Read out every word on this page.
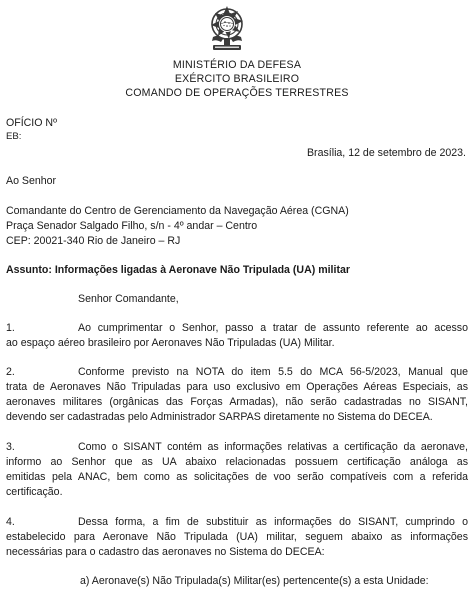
MINISTÉRIO DA DEFESA
EXÉRCITO BRASILEIRO
COMANDO DE OPERAÇÕES TERRESTRES
OFÍCIO Nº
EB:
Brasília, 12 de setembro de 2023.
Ao Senhor
Comandante do Centro de Gerenciamento da Navegação Aérea (CGNA)
Praça Senador Salgado Filho, s/n - 4º andar – Centro
CEP: 20021-340 Rio de Janeiro – RJ
Assunto: Informações ligadas à Aeronave Não Tripulada (UA) militar
Senhor Comandante,
1.	Ao cumprimentar o Senhor, passo a tratar de assunto referente ao acesso
ao espaço aéreo brasileiro por Aeronaves Não Tripuladas (UA) Militar.
2.	Conforme previsto na NOTA do item 5.5 do MCA 56-5/2023, Manual que
trata de Aeronaves Não Tripuladas para uso exclusivo em Operações Aéreas Especiais, as
aeronaves militares (orgânicas das Forças Armadas), não serão cadastradas no SISANT,
devendo ser cadastradas pelo Administrador SARPAS diretamente no Sistema do DECEA.
3.	Como o SISANT contém as informações relativas a certificação da aeronave,
informo ao Senhor que as UA abaixo relacionadas possuem certificação análoga as
emitidas pela ANAC, bem como as solicitações de voo serão compatíveis com a referida
certificação.
4.	Dessa forma, a fim de substituir as informações do SISANT, cumprindo o
estabelecido para Aeronave Não Tripulada (UA) militar, seguem abaixo as informações
necessárias para o cadastro das aeronaves no Sistema do DECEA:
a) Aeronave(s) Não Tripulada(s) Militar(es) pertencente(s) a esta Unidade:
